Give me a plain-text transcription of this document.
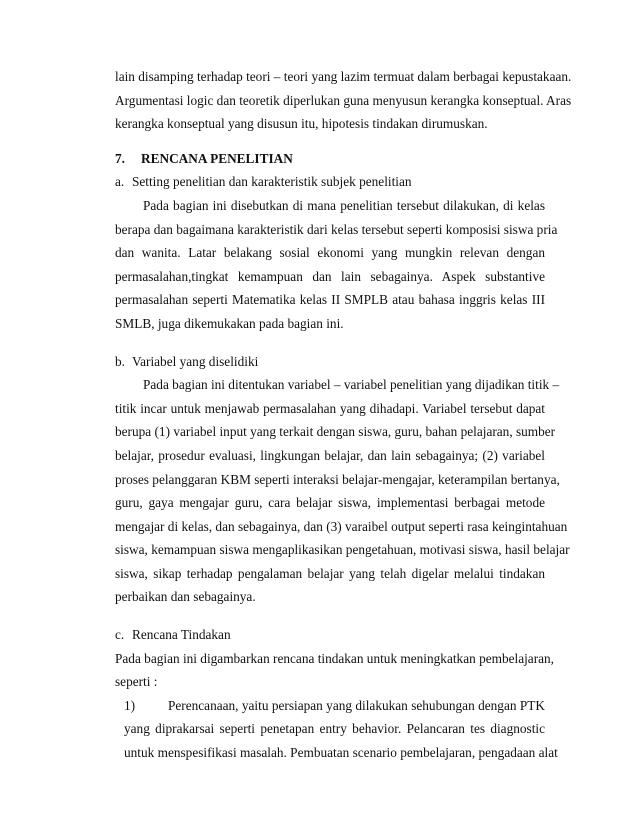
lain disamping terhadap teori – teori yang lazim termuat dalam berbagai kepustakaan.
Argumentasi logic dan teoretik diperlukan guna menyusun kerangka konseptual. Aras
kerangka konseptual yang disusun itu, hipotesis tindakan dirumuskan.
7. RENCANA PENELITIAN
a. Setting penelitian dan karakteristik subjek penelitian
Pada bagian ini disebutkan di mana penelitian tersebut dilakukan, di kelas
berapa dan bagaimana karakteristik dari kelas tersebut seperti komposisi siswa pria
dan wanita. Latar belakang sosial ekonomi yang mungkin relevan dengan
permasalahan,tingkat kemampuan dan lain sebagainya. Aspek substantive
permasalahan seperti Matematika kelas II SMPLB atau bahasa inggris kelas III
SMLB, juga dikemukakan pada bagian ini.
b. Variabel yang diselidiki
Pada bagian ini ditentukan variabel – variabel penelitian yang dijadikan titik –
titik incar untuk menjawab permasalahan yang dihadapi. Variabel tersebut dapat
berupa (1) variabel input yang terkait dengan siswa, guru, bahan pelajaran, sumber
belajar, prosedur evaluasi, lingkungan belajar, dan lain sebagainya; (2) variabel
proses pelanggaran KBM seperti interaksi belajar-mengajar, keterampilan bertanya,
guru, gaya mengajar guru, cara belajar siswa, implementasi berbagai metode
mengajar di kelas, dan sebagainya, dan (3) varaibel output seperti rasa keingintahuan
siswa, kemampuan siswa mengaplikasikan pengetahuan, motivasi siswa, hasil belajar
siswa, sikap terhadap pengalaman belajar yang telah digelar melalui tindakan
perbaikan dan sebagainya.
c. Rencana Tindakan
Pada bagian ini digambarkan rencana tindakan untuk meningkatkan pembelajaran,
seperti :
1) Perencanaan, yaitu persiapan yang dilakukan sehubungan dengan PTK
yang diprakarsai seperti penetapan entry behavior. Pelancaran tes diagnostic
untuk menspesifikasi masalah. Pembuatan scenario pembelajaran, pengadaan alat
